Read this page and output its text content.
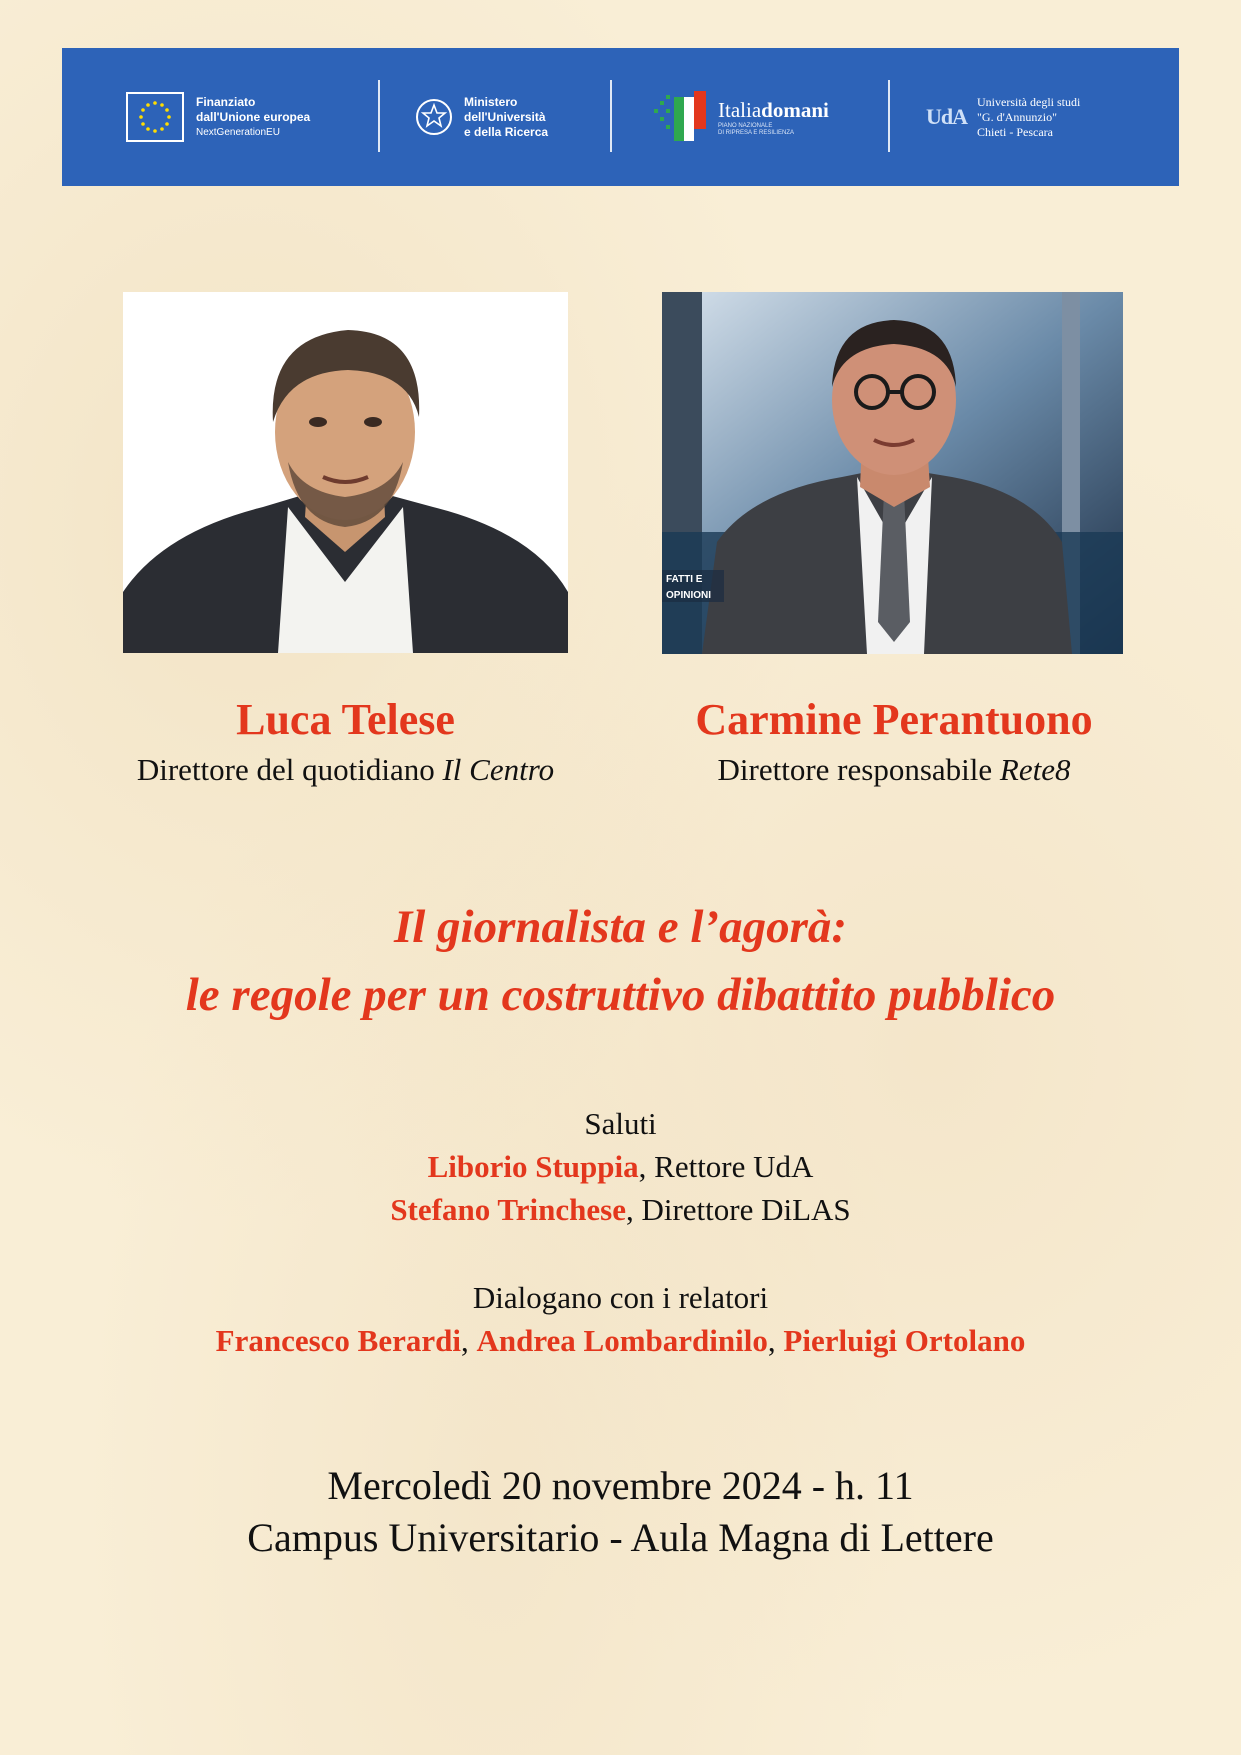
Finanziato
dall'Unione europea
NextGenerationEU
Ministero
dell'Università
e della Ricerca
Italiadomani
PIANO NAZIONALE
DI RIPRESA E RESILIENZA
UdA
Università degli studi
"G. d'Annunzio"
Chieti - Pescara
FATTI E
OPINIONI
Luca Telese
Direttore del quotidiano Il Centro
Carmine Perantuono
Direttore responsabile Rete8
Il giornalista e l’agorà:
le regole per un costruttivo dibattito pubblico
Saluti
Liborio Stuppia, Rettore UdA
Stefano Trinchese, Direttore DiLAS
Dialogano con i relatori
Francesco Berardi, Andrea Lombardinilo, Pierluigi Ortolano
Mercoledì 20 novembre 2024 - h. 11
Campus Universitario - Aula Magna di Lettere
